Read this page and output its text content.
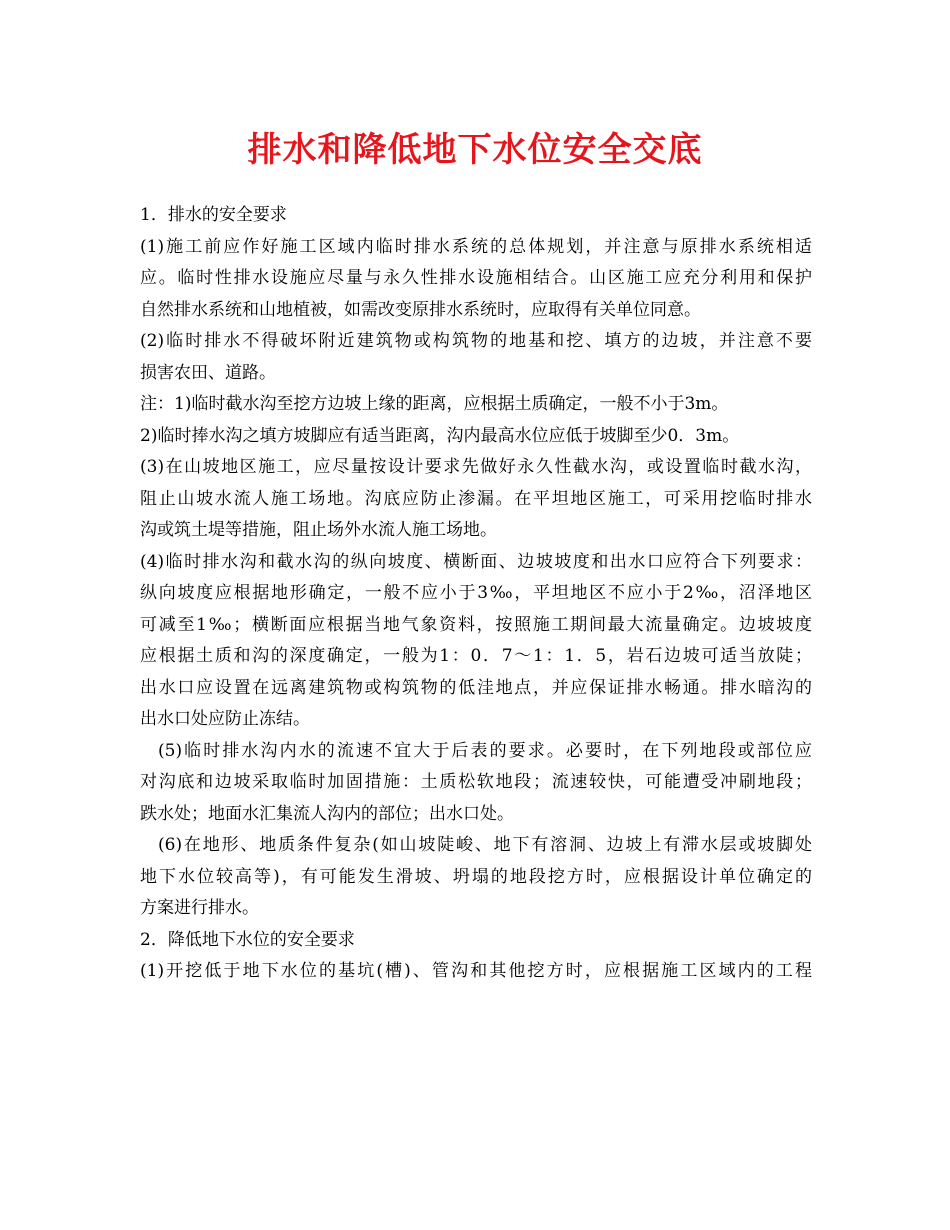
排水和降低地下水位安全交底
1．排水的安全要求
(1)施工前应作好施工区域内临时排水系统的总体规划，并注意与原排水系统相适
应。临时性排水设施应尽量与永久性排水设施相结合。山区施工应充分利用和保护
自然排水系统和山地植被，如需改变原排水系统时，应取得有关单位同意。
(2)临时排水不得破坏附近建筑物或构筑物的地基和挖、填方的边坡，并注意不要
损害农田、道路。
注：1)临时截水沟至挖方边坡上缘的距离，应根据土质确定，一般不小于3m。
2)临时捧水沟之填方坡脚应有适当距离，沟内最高水位应低于坡脚至少0．3m。
(3)在山坡地区施工，应尽量按设计要求先做好永久性截水沟，或设置临时截水沟，
阻止山坡水流人施工场地。沟底应防止渗漏。在平坦地区施工，可采用挖临时排水
沟或筑土堤等措施，阻止场外水流人施工场地。
(4)临时排水沟和截水沟的纵向坡度、横断面、边坡坡度和出水口应符合下列要求：
纵向坡度应根据地形确定，一般不应小于3‰，平坦地区不应小于2‰，沼泽地区
可减至1‰；横断面应根据当地气象资料，按照施工期间最大流量确定。边坡坡度
应根据土质和沟的深度确定，一般为1：0．7～1：1．5，岩石边坡可适当放陡；
出水口应设置在远离建筑物或构筑物的低洼地点，并应保证排水畅通。排水暗沟的
出水口处应防止冻结。
(5)临时排水沟内水的流速不宜大于后表的要求。必要时，在下列地段或部位应
对沟底和边坡采取临时加固措施：土质松软地段；流速较快，可能遭受冲刷地段；
跌水处；地面水汇集流人沟内的部位；出水口处。
(6)在地形、地质条件复杂(如山坡陡峻、地下有溶洞、边坡上有滞水层或坡脚处
地下水位较高等)，有可能发生滑坡、坍塌的地段挖方时，应根据设计单位确定的
方案进行排水。
2．降低地下水位的安全要求
(1)开挖低于地下水位的基坑(槽)、管沟和其他挖方时，应根据施工区域内的工程
